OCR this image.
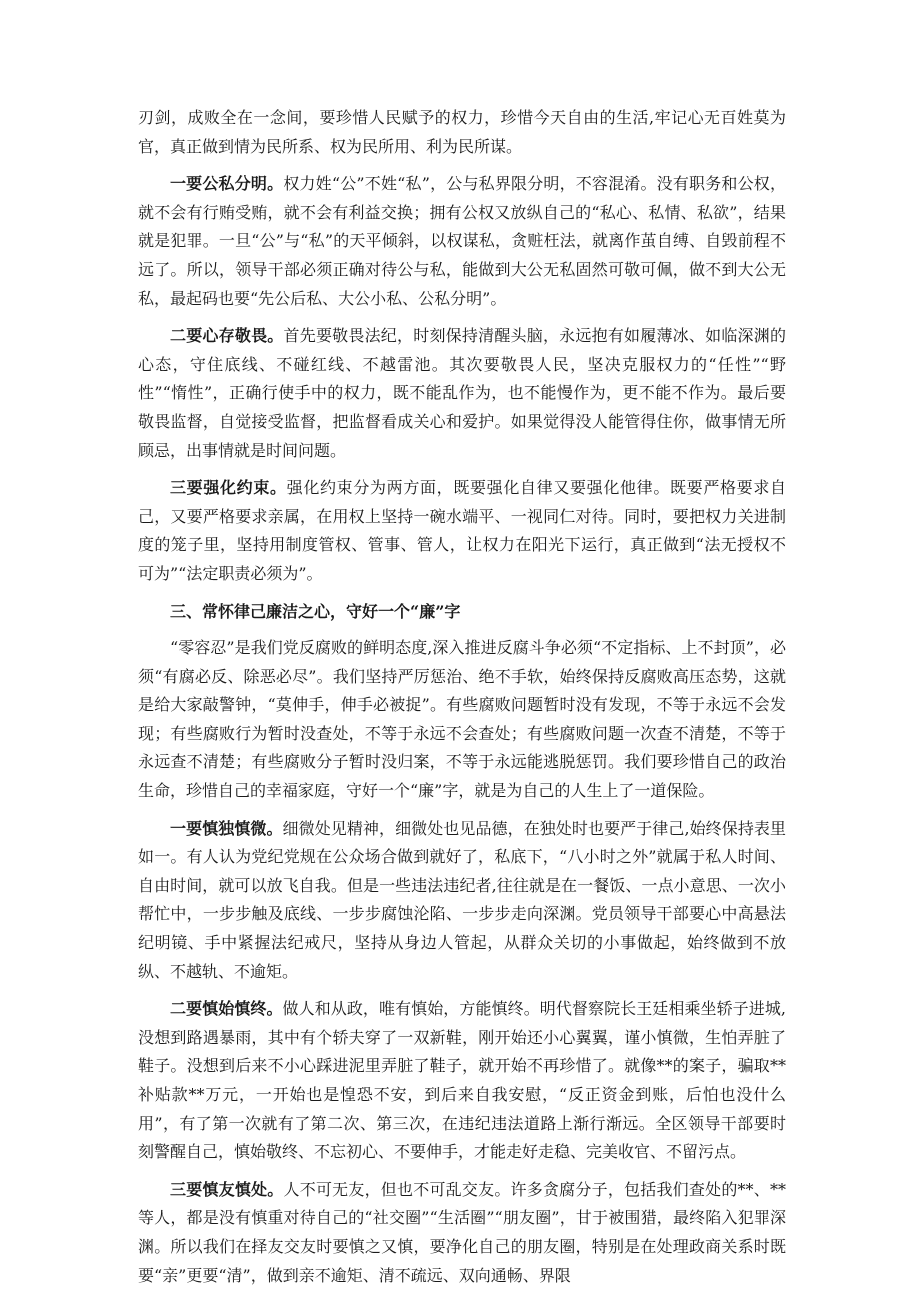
刃剑，成败全在一念间，要珍惜人民赋予的权力，珍惜今天自由的生活,牢记心无百姓莫为官，真正做到情为民所系、权为民所用、利为民所谋。

一要公私分明。权力姓“公”不姓“私”，公与私界限分明，不容混淆。没有职务和公权，就不会有行贿受贿，就不会有利益交换；拥有公权又放纵自己的“私心、私情、私欲”，结果就是犯罪。一旦“公”与“私”的天平倾斜，以权谋私，贪赃枉法，就离作茧自缚、自毁前程不远了。所以，领导干部必须正确对待公与私，能做到大公无私固然可敬可佩，做不到大公无私，最起码也要“先公后私、大公小私、公私分明”。

二要心存敬畏。首先要敬畏法纪，时刻保持清醒头脑，永远抱有如履薄冰、如临深渊的心态，守住底线、不碰红线、不越雷池。其次要敬畏人民，坚决克服权力的“任性”“野性”“惰性”，正确行使手中的权力，既不能乱作为，也不能慢作为，更不能不作为。最后要敬畏监督，自觉接受监督，把监督看成关心和爱护。如果觉得没人能管得住你，做事情无所顾忌，出事情就是时间问题。

三要强化约束。强化约束分为两方面，既要强化自律又要强化他律。既要严格要求自己，又要严格要求亲属，在用权上坚持一碗水端平、一视同仁对待。同时，要把权力关进制度的笼子里，坚持用制度管权、管事、管人，让权力在阳光下运行，真正做到“法无授权不可为”“法定职责必须为”。

三、常怀律己廉洁之心，守好一个“廉”字

“零容忍”是我们党反腐败的鲜明态度,深入推进反腐斗争必须“不定指标、上不封顶”，必须“有腐必反、除恶必尽”。我们坚持严厉惩治、绝不手软，始终保持反腐败高压态势，这就是给大家敲警钟，“莫伸手，伸手必被捉”。有些腐败问题暂时没有发现，不等于永远不会发现；有些腐败行为暂时没查处，不等于永远不会查处；有些腐败问题一次查不清楚，不等于永远查不清楚；有些腐败分子暂时没归案，不等于永远能逃脱惩罚。我们要珍惜自己的政治生命，珍惜自己的幸福家庭，守好一个“廉”字，就是为自己的人生上了一道保险。

一要慎独慎微。细微处见精神，细微处也见品德，在独处时也要严于律己,始终保持表里如一。有人认为党纪党规在公众场合做到就好了，私底下，“八小时之外”就属于私人时间、自由时间，就可以放飞自我。但是一些违法违纪者,往往就是在一餐饭、一点小意思、一次小帮忙中，一步步触及底线、一步步腐蚀沦陷、一步步走向深渊。党员领导干部要心中高悬法纪明镜、手中紧握法纪戒尺，坚持从身边人管起，从群众关切的小事做起，始终做到不放纵、不越轨、不逾矩。

二要慎始慎终。做人和从政，唯有慎始，方能慎终。明代督察院长王廷相乘坐轿子进城,没想到路遇暴雨，其中有个轿夫穿了一双新鞋，刚开始还小心翼翼，谨小慎微，生怕弄脏了鞋子。没想到后来不小心踩进泥里弄脏了鞋子，就开始不再珍惜了。就像**的案子，骗取**补贴款**万元，一开始也是惶恐不安，到后来自我安慰，“反正资金到账，后怕也没什么用”，有了第一次就有了第二次、第三次，在违纪违法道路上渐行渐远。全区领导干部要时刻警醒自己，慎始敬终、不忘初心、不要伸手，才能走好走稳、完美收官、不留污点。

三要慎友慎处。人不可无友，但也不可乱交友。许多贪腐分子，包括我们查处的**、**等人，都是没有慎重对待自己的“社交圈”“生活圈”“朋友圈”，甘于被围猎，最终陷入犯罪深渊。所以我们在择友交友时要慎之又慎，要净化自己的朋友圈，特别是在处理政商关系时既要“亲”更要“清”，做到亲不逾矩、清不疏远、双向通畅、界限
